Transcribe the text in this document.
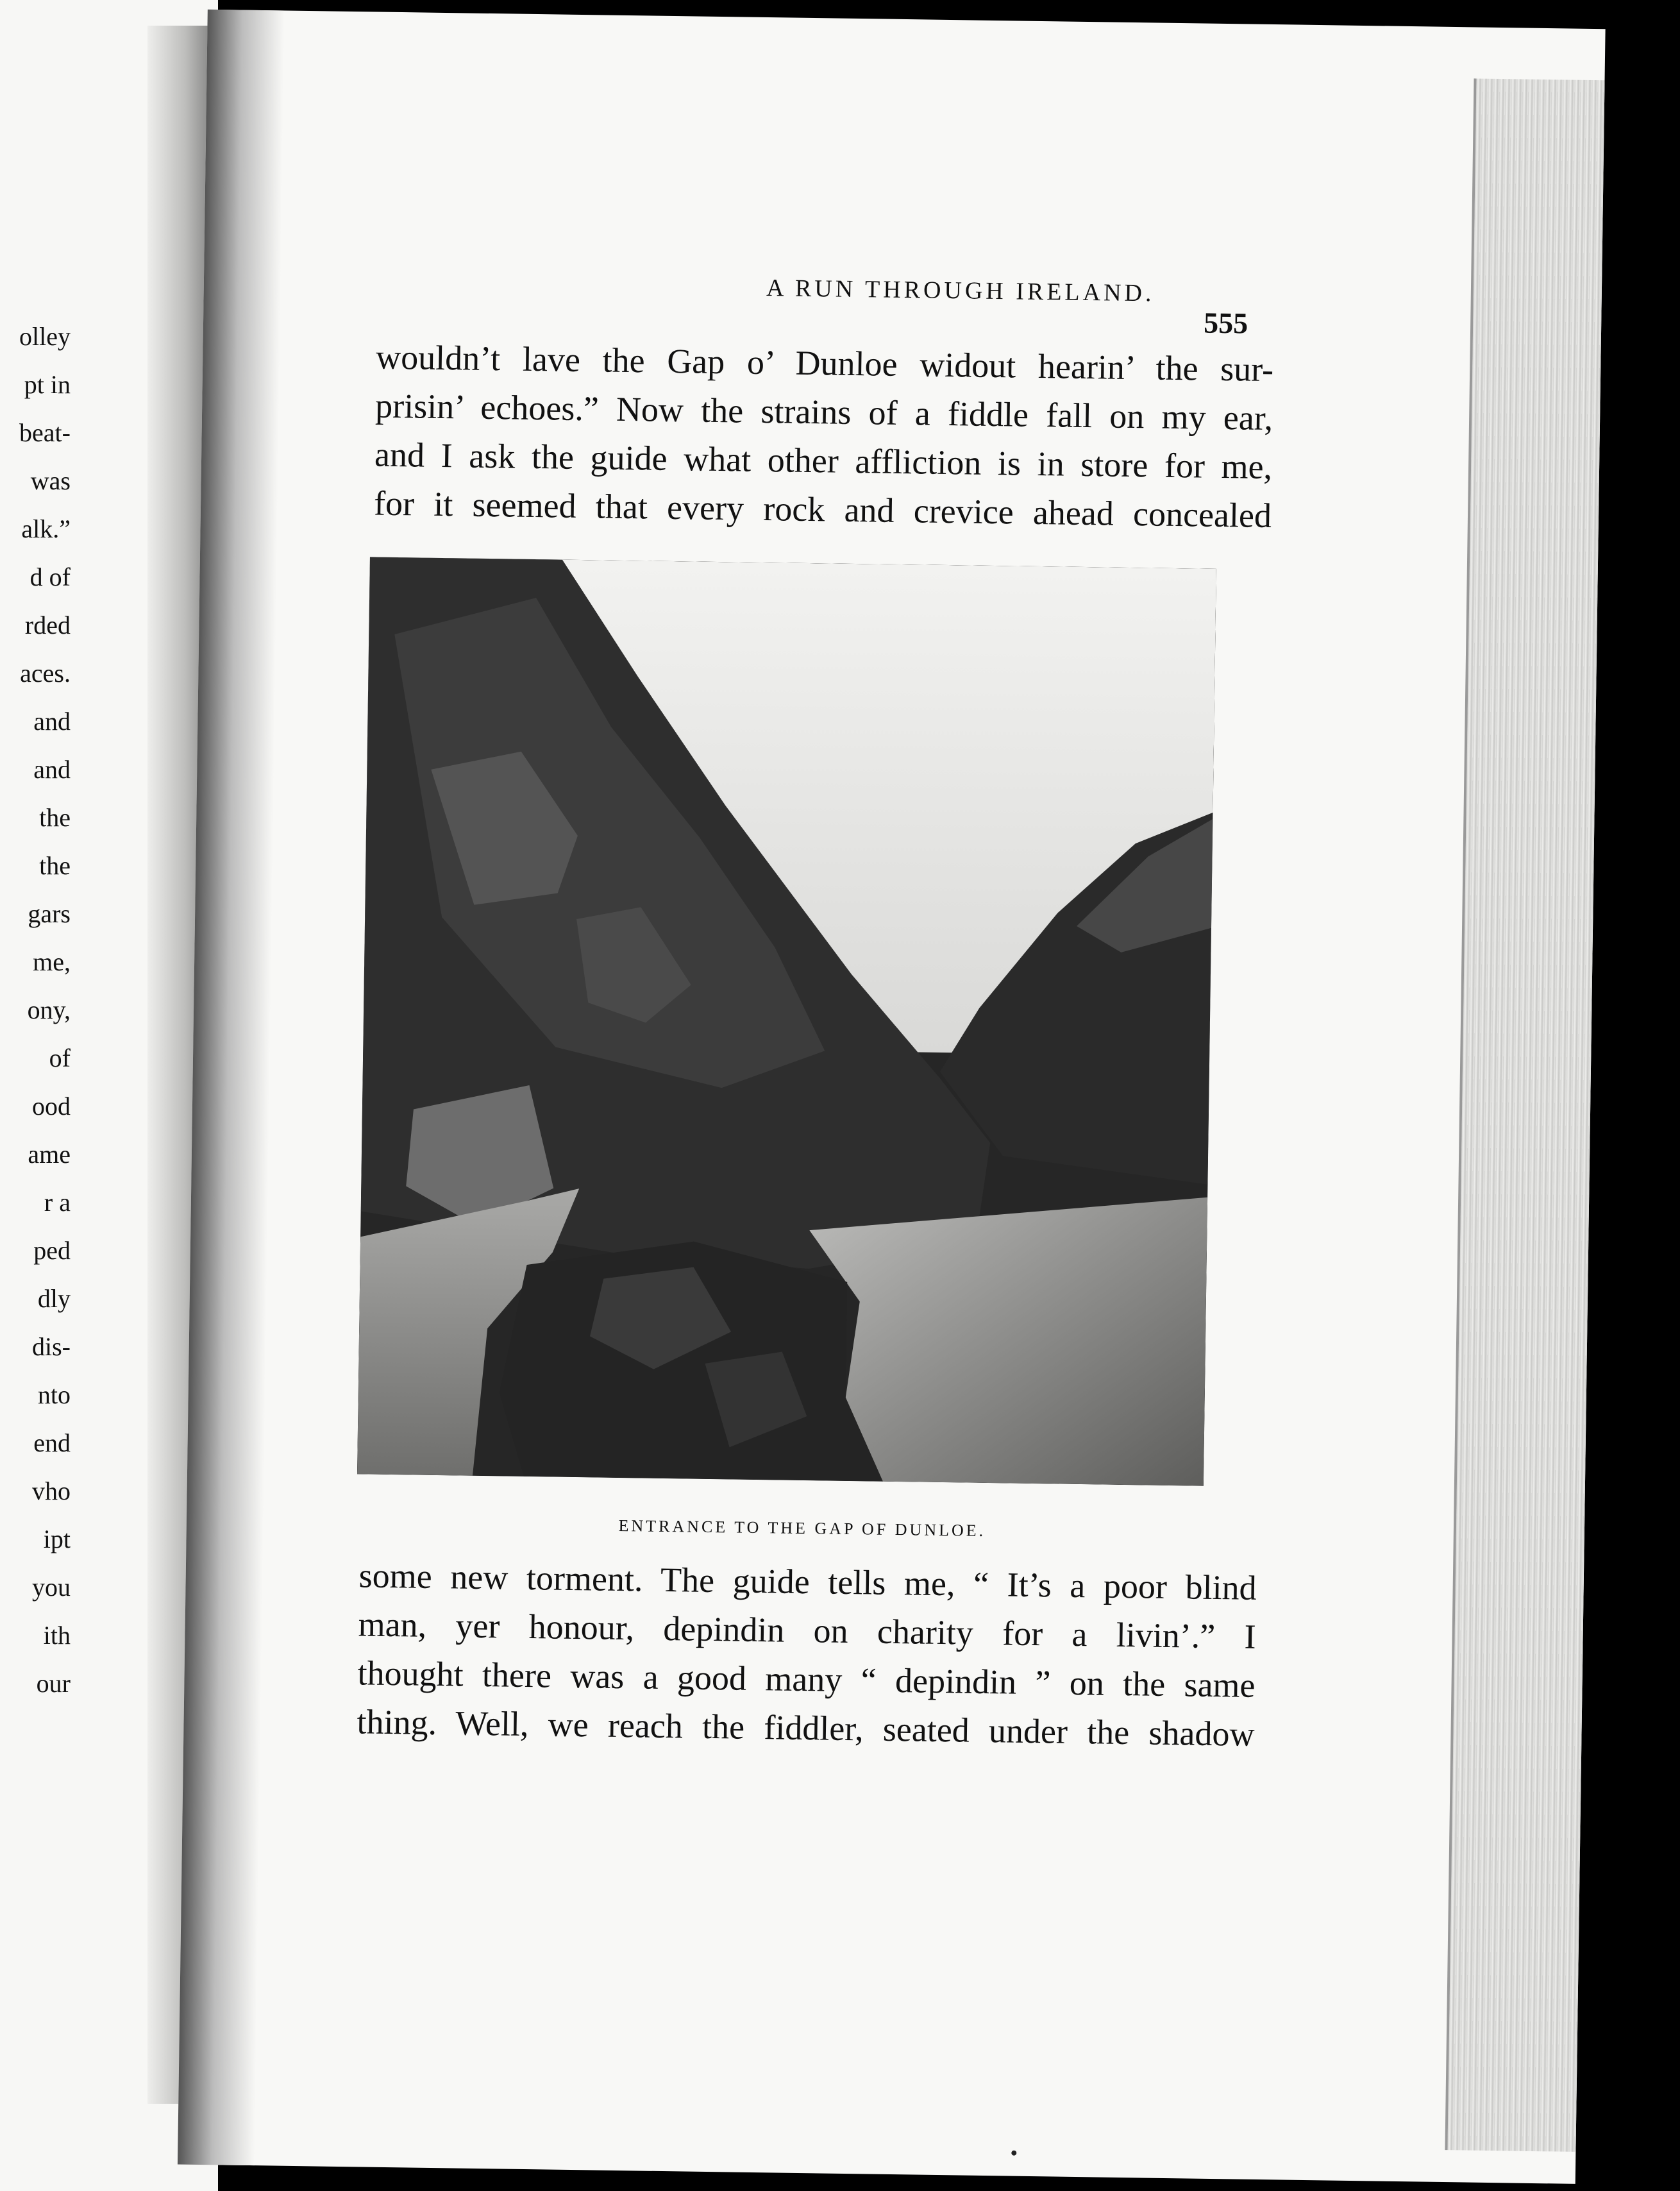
olley
pt in
beat-
was
alk.”
d of
rded
aces.
and
and
the
the
gars
me,
ony,
of
ood
ame
r a
ped
dly
dis-
nto
end
vho
ipt
you
ith
our
A RUN THROUGH IRELAND.
555
wouldn’t lave the Gap o’ Dunloe widout hearin’ the sur-
prisin’ echoes.” Now the strains of a fiddle fall on my ear,
and I ask the guide what other affliction is in store for me,
for it seemed that every rock and crevice ahead concealed
ENTRANCE TO THE GAP OF DUNLOE.
some new torment. The guide tells me, “ It’s a poor blind
man, yer honour, depindin on charity for a livin’.” I
thought there was a good many “ depindin ” on the same
thing. Well, we reach the fiddler, seated under the shadow
